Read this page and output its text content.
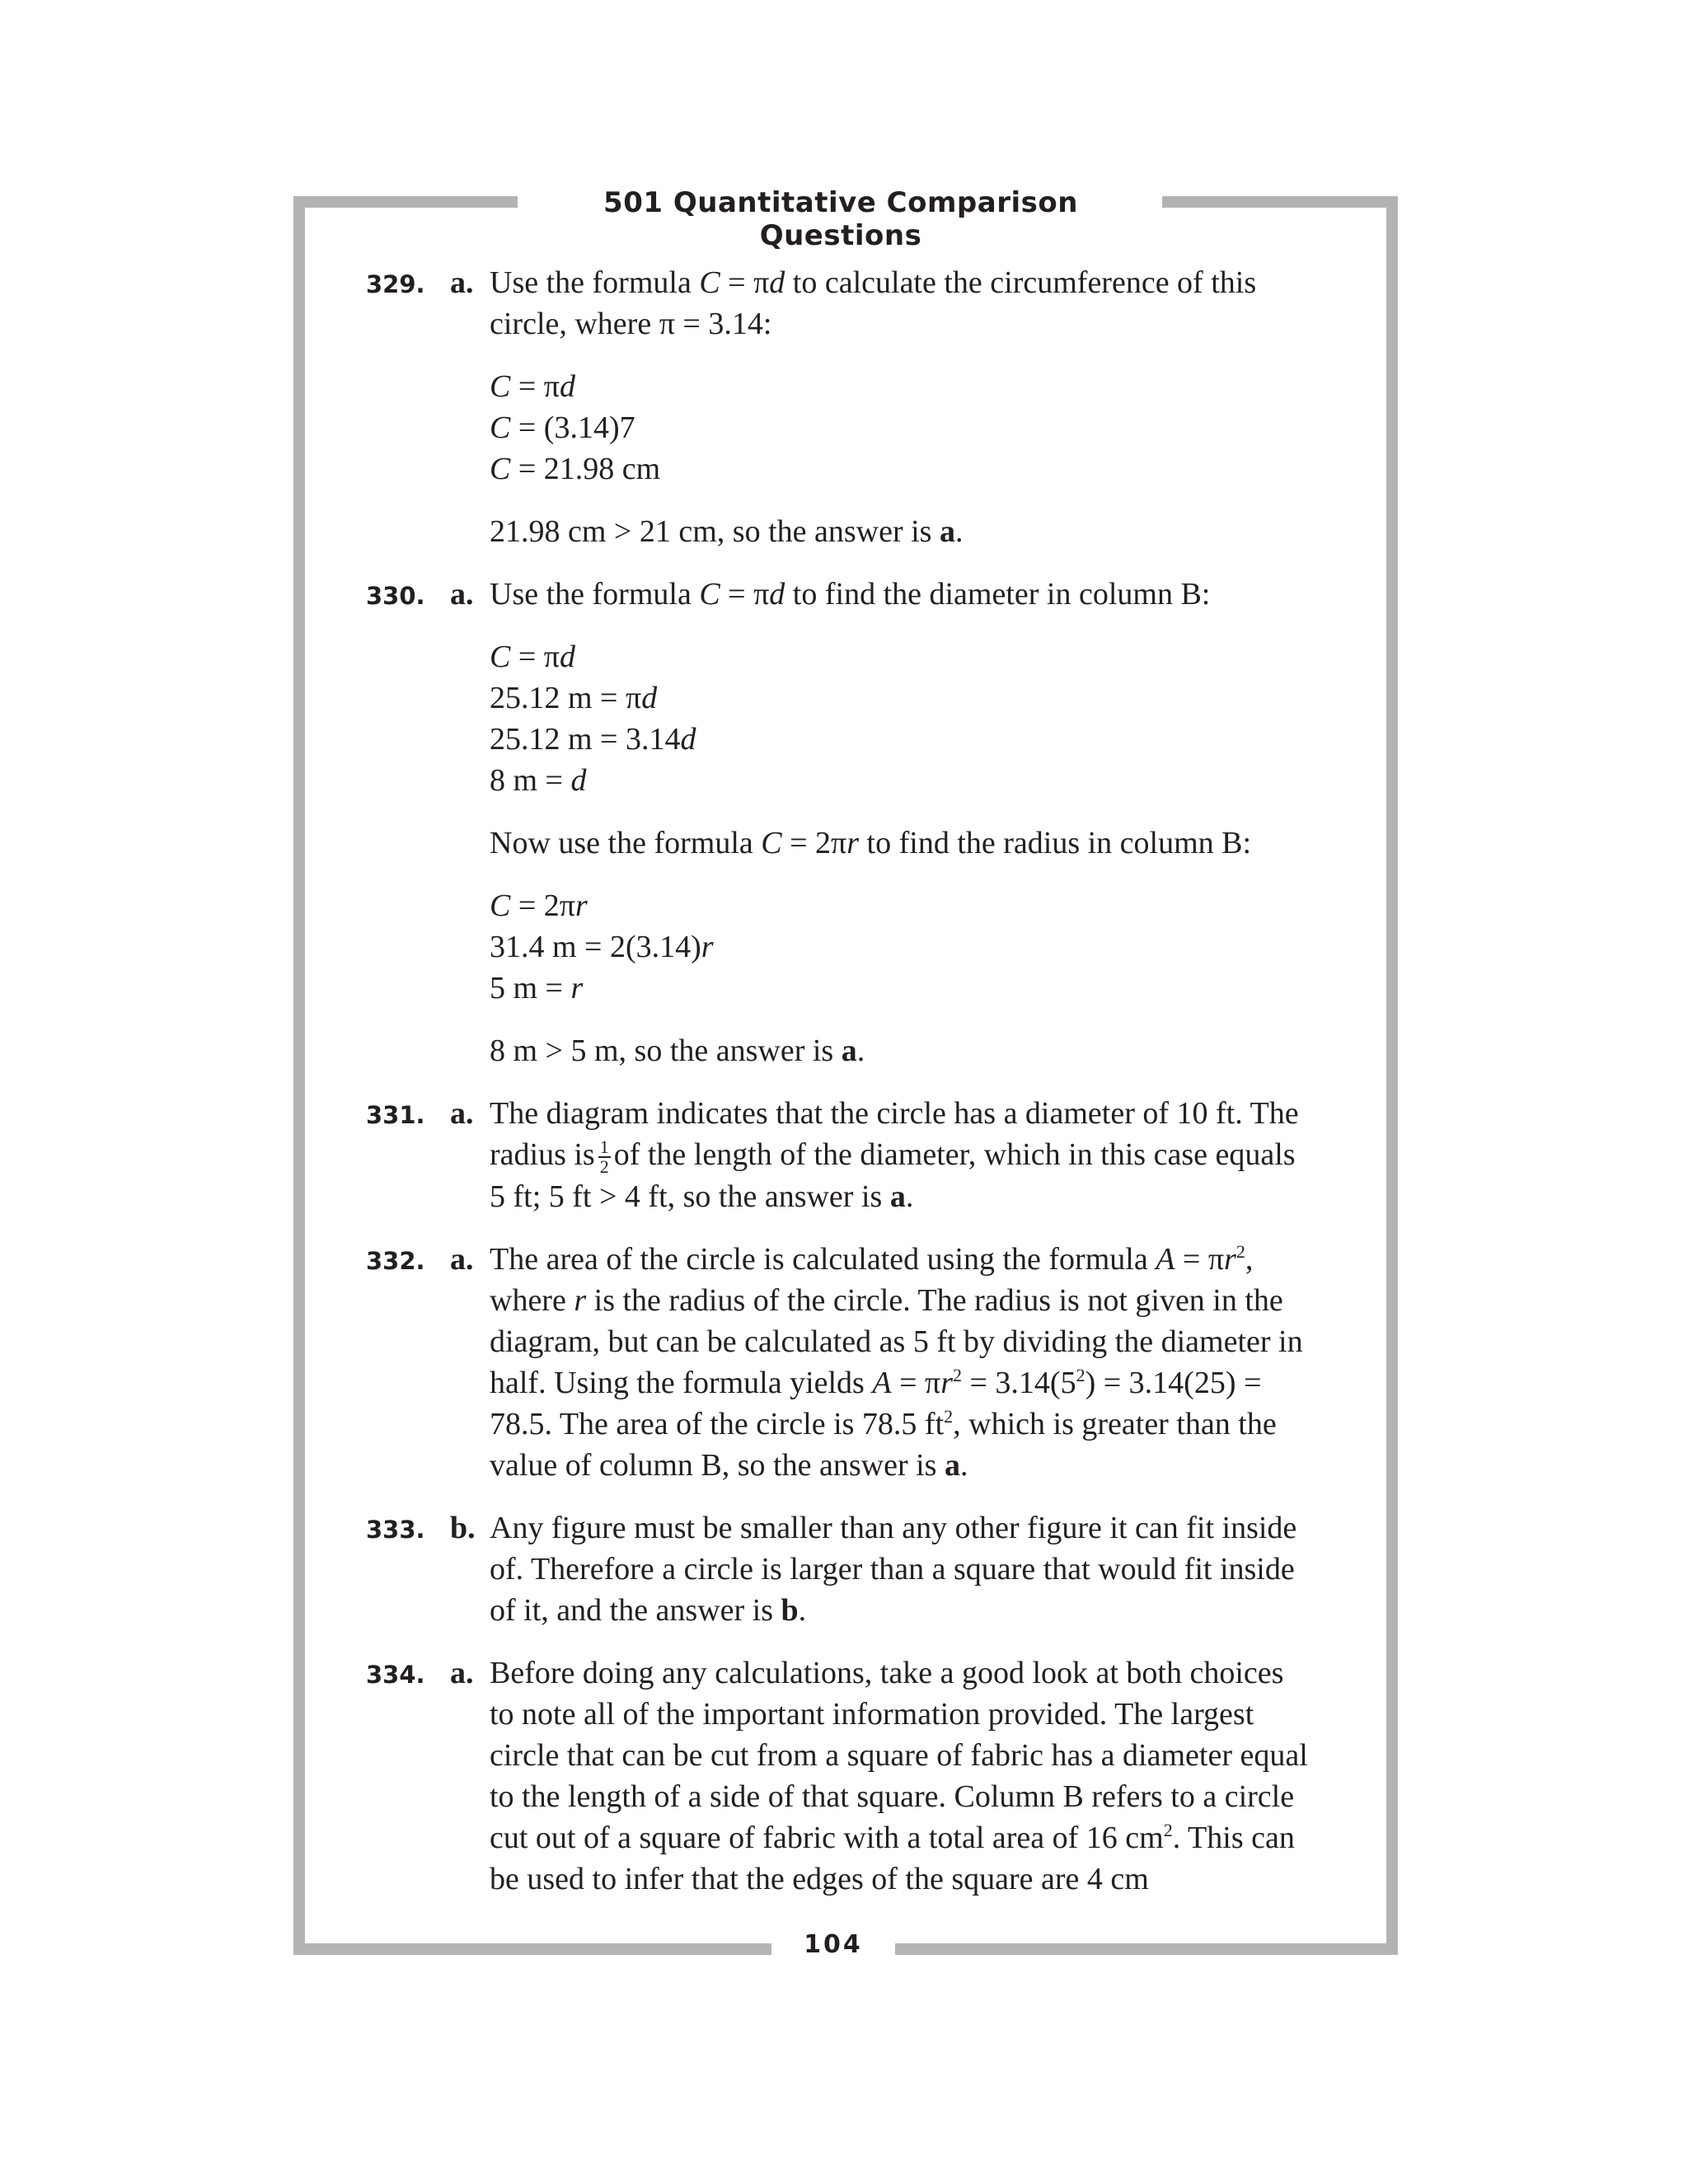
501 Quantitative Comparison Questions
329. a. Use the formula C = πd to calculate the circumference of this circle, where π = 3.14:

C = πd
C = (3.14)7
C = 21.98 cm

21.98 cm > 21 cm, so the answer is a.

330. a. Use the formula C = πd to find the diameter in column B:

C = πd
25.12 m = πd
25.12 m = 3.14d
8 m = d

Now use the formula C = 2πr to find the radius in column B:

C = 2πr
31.4 m = 2(3.14)r
5 m = r

8 m > 5 m, so the answer is a.

331. a. The diagram indicates that the circle has a diameter of 10 ft. The radius is $\frac{1}{2}$ of the length of the diameter, which in this case equals 5 ft; 5 ft > 4 ft, so the answer is a.

332. a. The area of the circle is calculated using the formula $A = \pi r^2$, where r is the radius of the circle. The radius is not given in the diagram, but can be calculated as 5 ft by dividing the diameter in half. Using the formula yields $A = \pi r^2 = 3.14(5^2) = 3.14(25) = 78.5$. The area of the circle is 78.5 $ft^2$, which is greater than the value of column B, so the answer is a.

333. b. Any figure must be smaller than any other figure it can fit inside of. Therefore a circle is larger than a square that would fit inside of it, and the answer is b.

334. a. Before doing any calculations, take a good look at both choices to note all of the important information provided. The largest circle that can be cut from a square of fabric has a diameter equal to the length of a side of that square. Column B refers to a circle cut out of a square of fabric with a total area of 16 $cm^2$. This can be used to infer that the edges of the square are 4 cm

104
